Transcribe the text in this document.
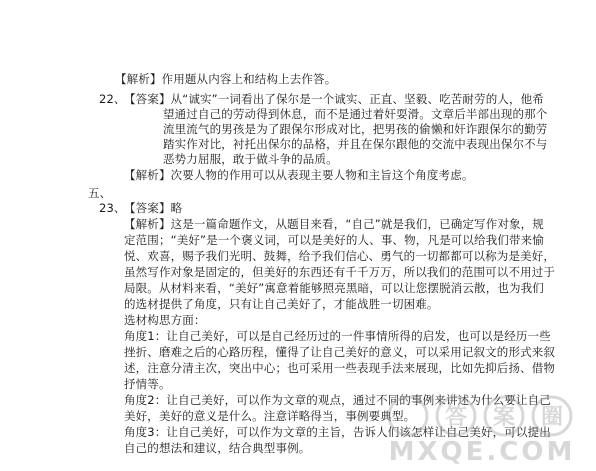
【解析】作用题从内容上和结构上去作答。
22、
【答案】从“诚实”一词看出了保尔是一个诚实、正直、坚毅、吃苦耐劳的人，他希
望通过自己的劳动得到休息，而不是通过着奸耍滑。文章后半部出现的那个
流里流气的男孩是为了跟保尔形成对比，把男孩的偷懒和奸诈跟保尔的勤劳
踏实作对比，衬托出保尔的品格，并且在保尔跟他的交流中表现出保尔不与
恶势力屈服，敢于做斗争的品质。
【解析】次要人物的作用可以从表现主要人物和主旨这个角度考虑。
五、
23、
【答案】略
【解析】这是一篇命题作文，从题目来看，“自己”就是我们，已确定写作对象，规
定范围；“美好”是一个褒义词，可以是美好的人、事、物，凡是可以给我们带来愉
悦、欢喜，赐予我们光明、鼓舞，给予我们信心、勇气的一切都都可以称为是美好，
虽然写作对象是固定的，但美好的东西还有千千万万，所以我们的范围可以不用过于
局限。从材料来看，“美好”寓意着能够照亮黑暗，可以让您摆脱消云散，也为我们
的选材提供了角度，只有让自己美好了，才能战胜一切困难。
选材构思方面：
角度1：让自己美好，可以是自己经历过的一件事情所得的启发，也可以是经历一些
挫折、磨难之后的心路历程，懂得了让自己美好的意义，可以采用记叙文的形式来叙
述，注意分清主次，突出中心；也可采用一些表现手法来展现，比如先抑后扬、借物
抒情等。
角度2：让自己美好，可以作为文章的观点，通过不同的事例来讲述为什么要让自己
美好，美好的意义是什么。注意详略得当，事例要典型。
角度3：让自己美好，可以作为文章的主旨，告诉人们该怎样让自己美好，可以提出
自己的想法和建议，结合典型事例。
答 案 圈
MXQE.COM
